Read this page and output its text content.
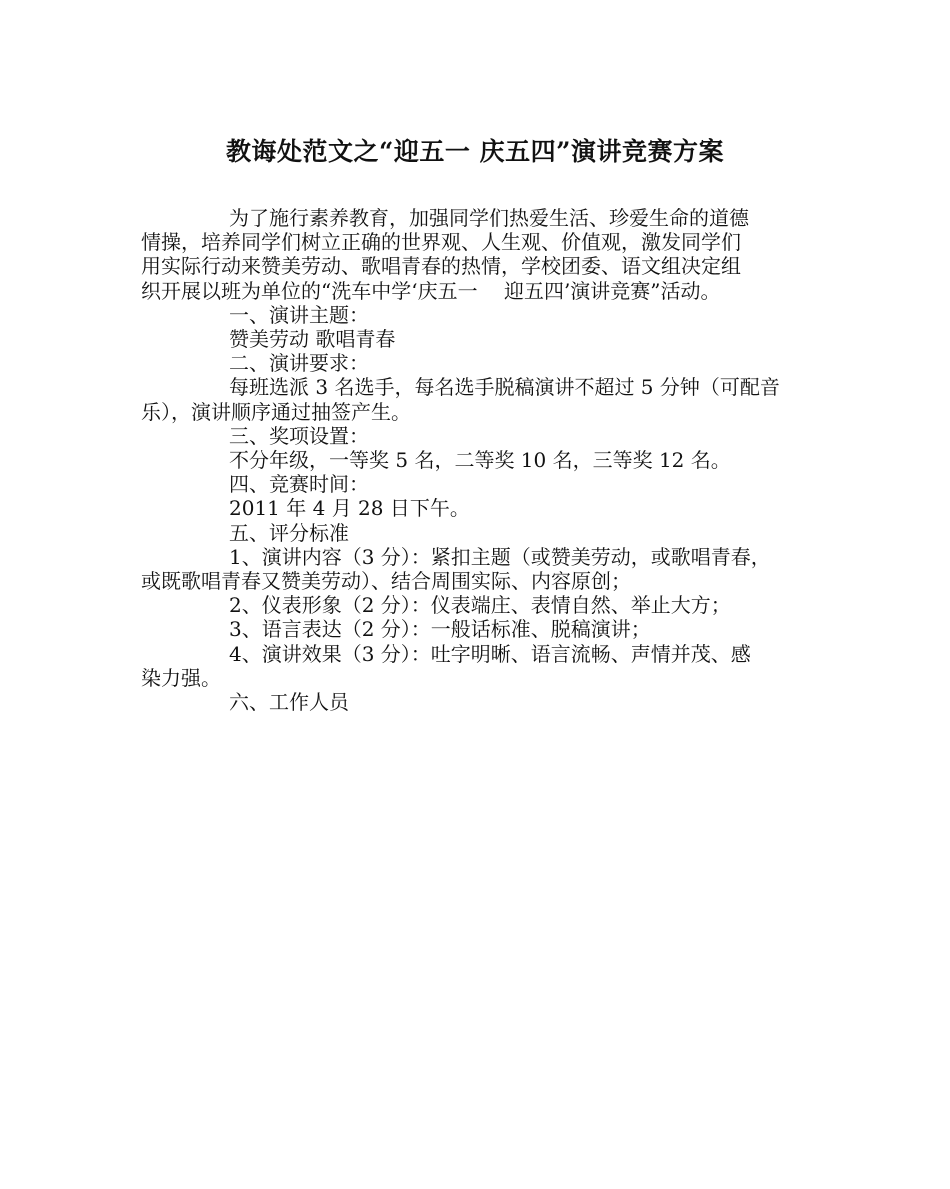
教诲处范文之“迎五一 庆五四”演讲竞赛方案

为了施行素养教育，加强同学们热爱生活、珍爱生命的道德
情操，培养同学们树立正确的世界观、人生观、价值观，激发同学们
用实际行动来赞美劳动、歌唱青春的热情，学校团委、语文组决定组
织开展以班为单位的“洗车中学‘庆五一　 迎五四’演讲竞赛”活动。

一、演讲主题：

赞美劳动 歌唱青春

二、演讲要求：

每班选派 3 名选手，每名选手脱稿演讲不超过 5 分钟（可配音
乐），演讲顺序通过抽签产生。

三、奖项设置：

不分年级，一等奖 5 名，二等奖 10 名，三等奖 12 名。

四、竞赛时间：

2011 年 4 月 28 日下午。

五、评分标准

1、演讲内容（3 分）：紧扣主题（或赞美劳动，或歌唱青春，
或既歌唱青春又赞美劳动）、结合周围实际、内容原创；

2、仪表形象（2 分）：仪表端庄、表情自然、举止大方；

3、语言表达（2 分）：一般话标准、脱稿演讲；

4、演讲效果（3 分）：吐字明晰、语言流畅、声情并茂、感
染力强。

六、工作人员
